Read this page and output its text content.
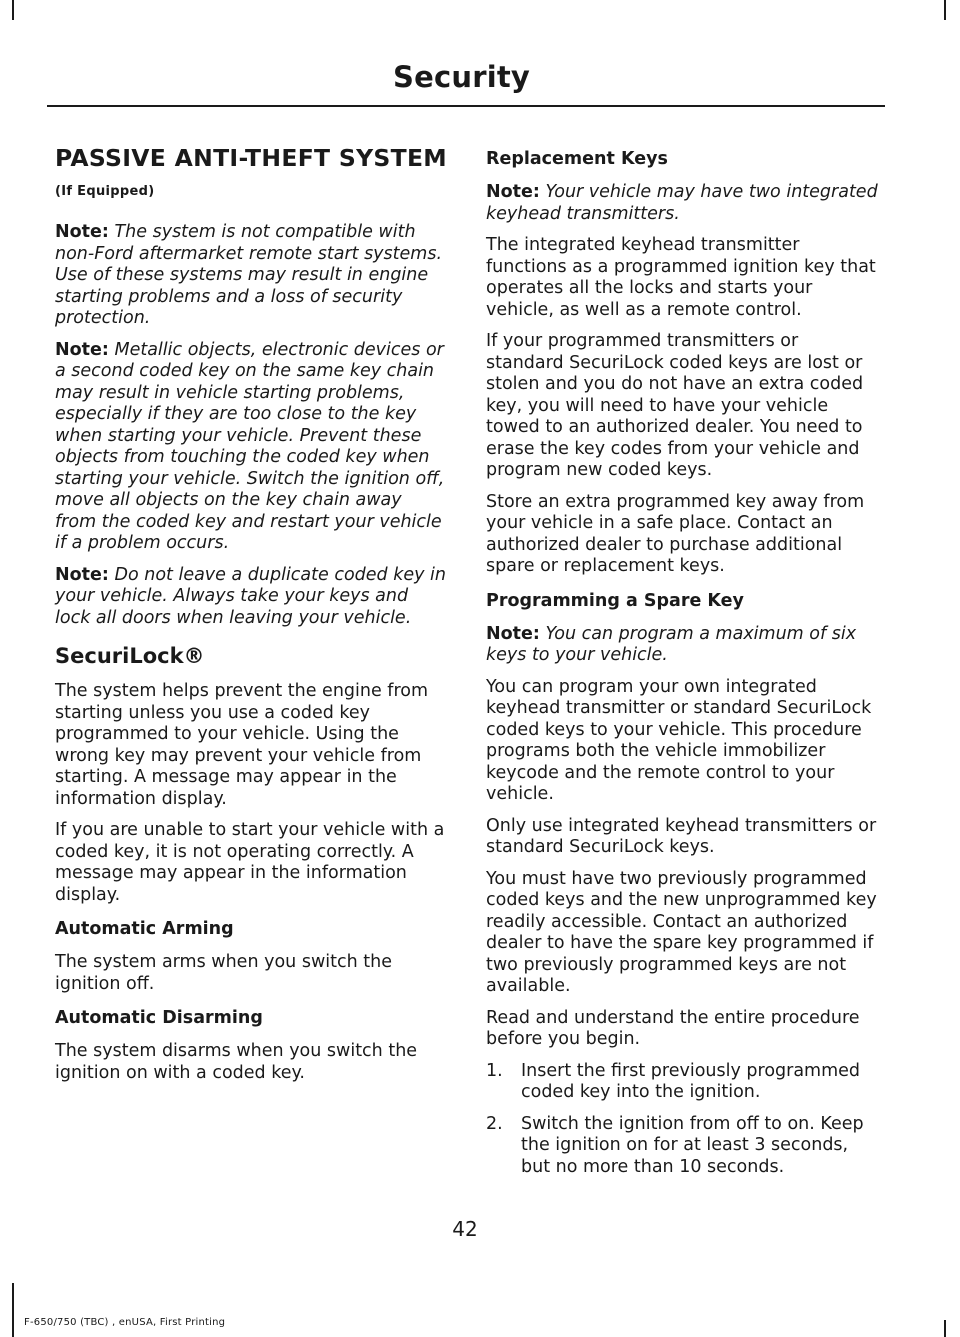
Security
PASSIVE ANTI-THEFT SYSTEM (If Equipped)

Note: The system is not compatible with non-Ford aftermarket remote start systems. Use of these systems may result in engine starting problems and a loss of security protection.

Note: Metallic objects, electronic devices or a second coded key on the same key chain may result in vehicle starting problems, especially if they are too close to the key when starting your vehicle. Prevent these objects from touching the coded key when starting your vehicle. Switch the ignition off, move all objects on the key chain away from the coded key and restart your vehicle if a problem occurs.

Note: Do not leave a duplicate coded key in your vehicle. Always take your keys and lock all doors when leaving your vehicle.

SecuriLock®

The system helps prevent the engine from starting unless you use a coded key programmed to your vehicle. Using the wrong key may prevent your vehicle from starting. A message may appear in the information display.

If you are unable to start your vehicle with a coded key, it is not operating correctly. A message may appear in the information display.

Automatic Arming

The system arms when you switch the ignition off.

Automatic Disarming

The system disarms when you switch the ignition on with a coded key.

Replacement Keys

Note: Your vehicle may have two integrated keyhead transmitters.

The integrated keyhead transmitter functions as a programmed ignition key that operates all the locks and starts your vehicle, as well as a remote control.

If your programmed transmitters or standard SecuriLock coded keys are lost or stolen and you do not have an extra coded key, you will need to have your vehicle towed to an authorized dealer. You need to erase the key codes from your vehicle and program new coded keys.

Store an extra programmed key away from your vehicle in a safe place. Contact an authorized dealer to purchase additional spare or replacement keys.

Programming a Spare Key

Note: You can program a maximum of six keys to your vehicle.

You can program your own integrated keyhead transmitter or standard SecuriLock coded keys to your vehicle. This procedure programs both the vehicle immobilizer keycode and the remote control to your vehicle.

Only use integrated keyhead transmitters or standard SecuriLock keys.

You must have two previously programmed coded keys and the new unprogrammed key readily accessible. Contact an authorized dealer to have the spare key programmed if two previously programmed keys are not available.

Read and understand the entire procedure before you begin.

1.	Insert the first previously programmed coded key into the ignition.
2.	Switch the ignition from off to on. Keep the ignition on for at least 3 seconds, but no more than 10 seconds.
42
F-650/750 (TBC) , enUSA, First Printing
